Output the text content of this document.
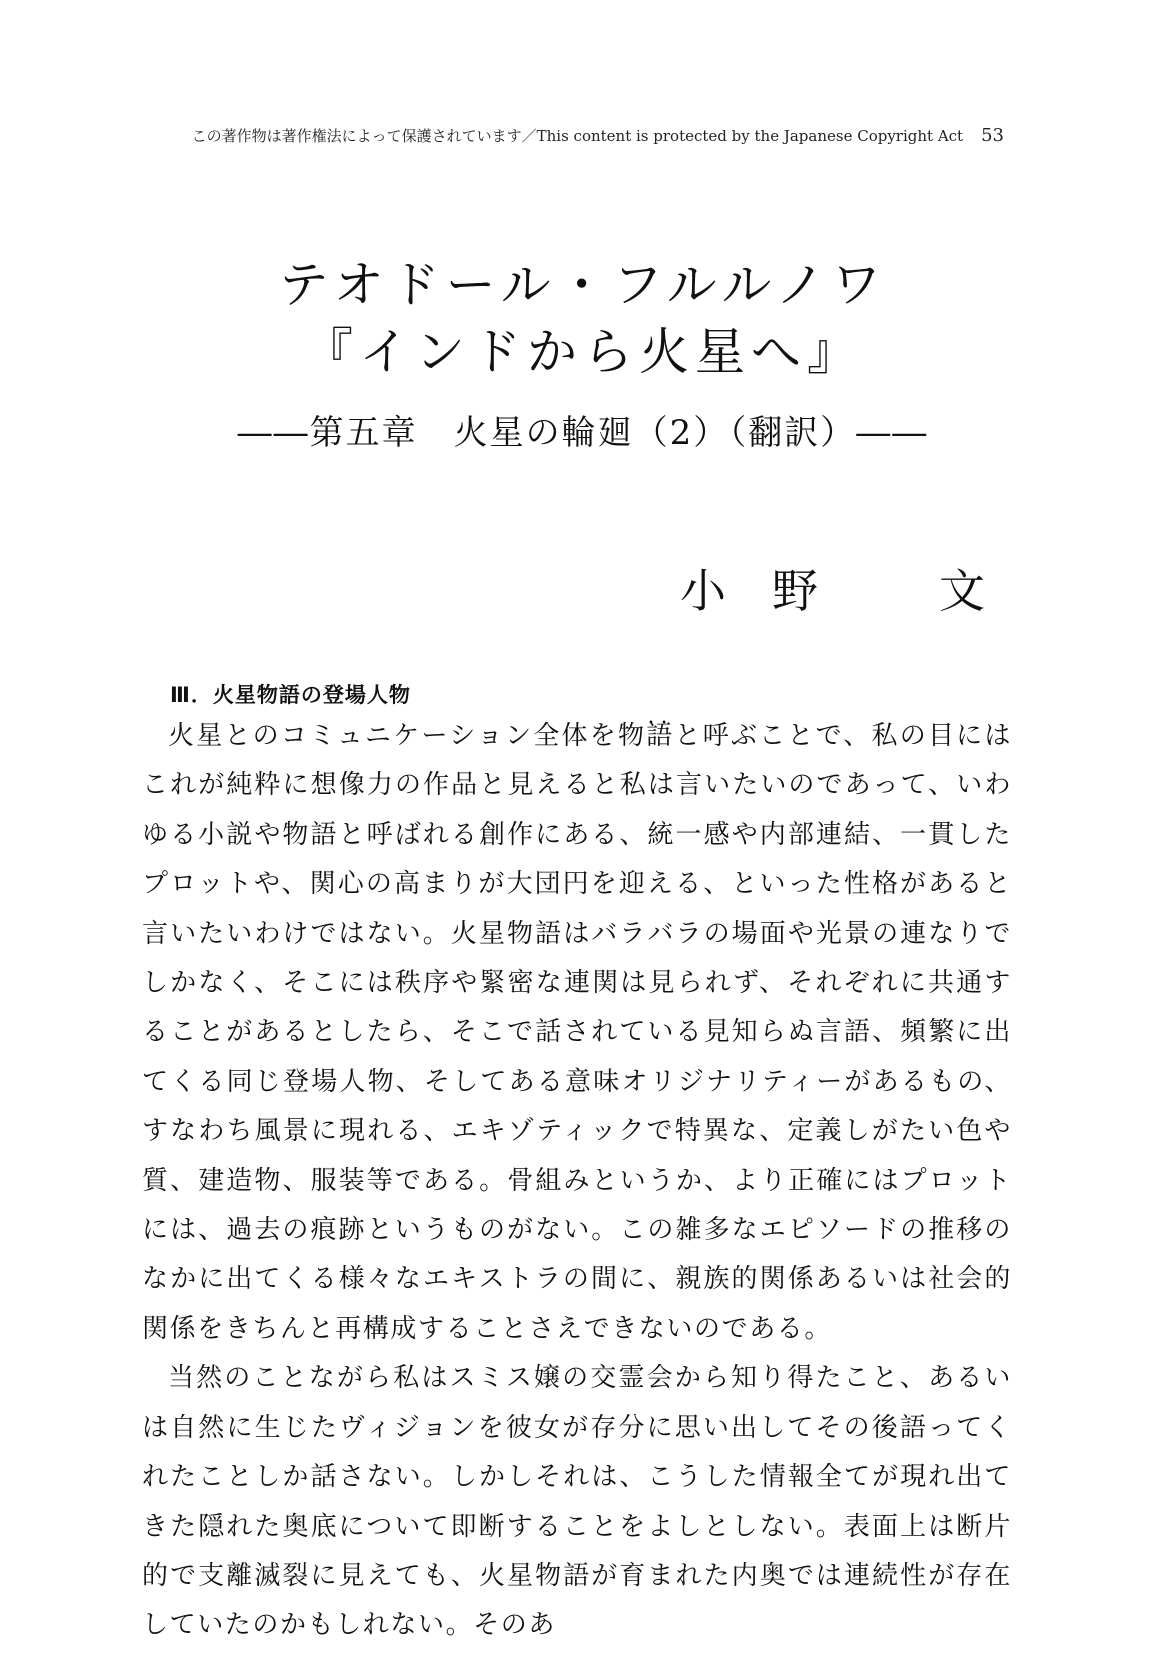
この著作物は著作権法によって保護されています／This content is protected by the Japanese Copyright Act 53
テオドール・フルルノワ
『インドから火星へ』
――第五章　火星の輪廻（2）（翻訳）――
小　野	文
Ⅲ．火星物語の登場人物

火星とのコミュニケーション全体を• • 物語と呼ぶことで、私の目にはこれが純粋に想像力の作品と見えると私は言いたいのであって、いわゆる小説や物語と呼ばれる創作にある、統一感や内部連結、一貫したプロットや、関心の高まりが大団円を迎える、といった性格があると言いたいわけではない。火星物語はバラバラの場面や光景の連なりでしかなく、そこには秩序や緊密な連関は見られず、それぞれに共通することがあるとしたら、そこで話されている見知らぬ言語、頻繁に出てくる同じ登場人物、そしてある意味オリジナリティーがあるもの、すなわち風景に現れる、エキゾティックで特異な、定義しがたい色や質、建造物、服装等である。骨組みというか、より正確にはプロットには、過去の痕跡というものがない。この雑多なエピソードの推移のなかに出てくる様々なエキストラの間に、親族的関係あるいは社会的関係をきちんと再構成することさえできないのである。

当然のことながら私はスミス嬢の交霊会から知り得たこと、あるいは自然に生じたヴィジョンを彼女が存分に思い出してその後語ってくれたことしか話さない。しかしそれは、こうした情報全てが現れ出てきた隠れた奥底について即断することをよしとしない。表面上は断片的で支離滅裂に見えても、火星物語が育まれた内奥では連続性が存在していたのかもしれない。そのあ
